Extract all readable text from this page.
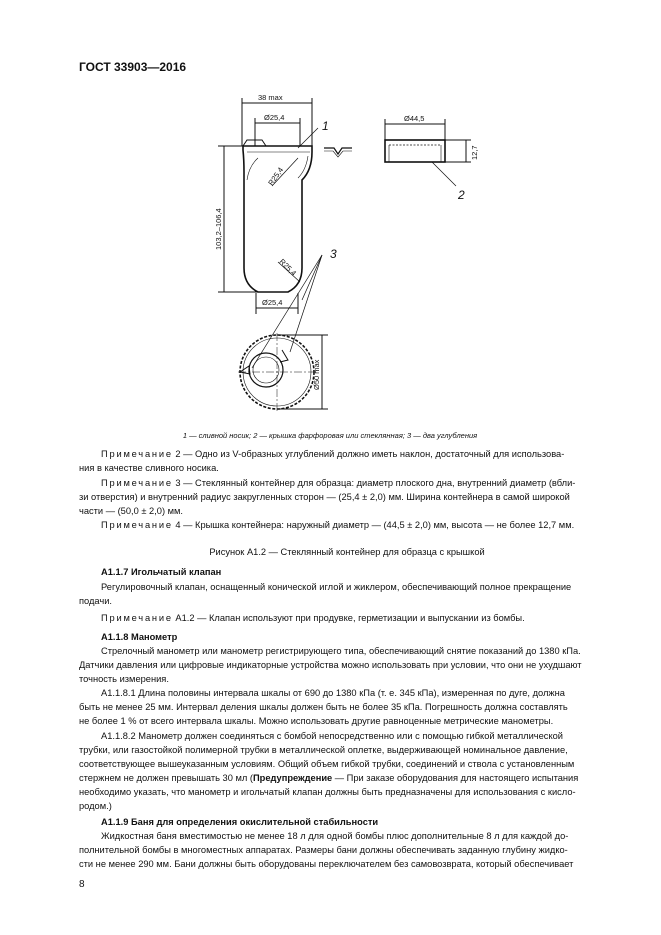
ГОСТ 33903—2016
38 max
Ø25,4
R25,4
103,2–106,4
R25,4
Ø25,4
Ø50 max
Ø44,5
12,7
1
2
3
1 — сливной носик; 2 — крышка фарфоровая или стеклянная; 3 — два углубления
Примечание 2 — Одно из V-образных углублений должно иметь наклон, достаточный для использова-
ния в качестве сливного носика.
Примечание 3 — Стеклянный контейнер для образца: диаметр плоского дна, внутренний диаметр (вбли-
зи отверстия) и внутренний радиус закругленных сторон — (25,4 ± 2,0) мм. Ширина контейнера в самой широкой
части — (50,0 ± 2,0) мм.
Примечание 4 — Крышка контейнера: наружный диаметр — (44,5 ± 2,0) мм, высота — не более 12,7 мм.
Рисунок А1.2 — Стеклянный контейнер для образца с крышкой
А1.1.7 Игольчатый клапан
Регулировочный клапан, оснащенный конической иглой и жиклером, обеспечивающий полное прекращение
подачи.
Примечание А1.2 — Клапан используют при продувке, герметизации и выпускании из бомбы.
А1.1.8 Манометр
Стрелочный манометр или манометр регистрирующего типа, обеспечивающий снятие показаний до 1380 кПа.
Датчики давления или цифровые индикаторные устройства можно использовать при условии, что они не ухудшают
точность измерения.
А1.1.8.1 Длина половины интервала шкалы от 690 до 1380 кПа (т. е. 345 кПа), измеренная по дуге, должна
быть не менее 25 мм. Интервал деления шкалы должен быть не более 35 кПа. Погрешность должна составлять
не более 1 % от всего интервала шкалы. Можно использовать другие равноценные метрические манометры.
А1.1.8.2 Манометр должен соединяться с бомбой непосредственно или с помощью гибкой металлической
трубки, или газостойкой полимерной трубки в металлической оплетке, выдерживающей номинальное давление,
соответствующее вышеуказанным условиям. Общий объем гибкой трубки, соединений и ствола с установленным
стержнем не должен превышать 30 мл (Предупреждение — При заказе оборудования для настоящего испытания
необходимо указать, что манометр и игольчатый клапан должны быть предназначены для использования с кисло-
родом.)
А1.1.9 Баня для определения окислительной стабильности
Жидкостная баня вместимостью не менее 18 л для одной бомбы плюс дополнительные 8 л для каждой до-
полнительной бомбы в многоместных аппаратах. Размеры бани должны обеспечивать заданную глубину жидко-
сти не менее 290 мм. Бани должны быть оборудованы переключателем без самовозврата, который обеспечивает
8
